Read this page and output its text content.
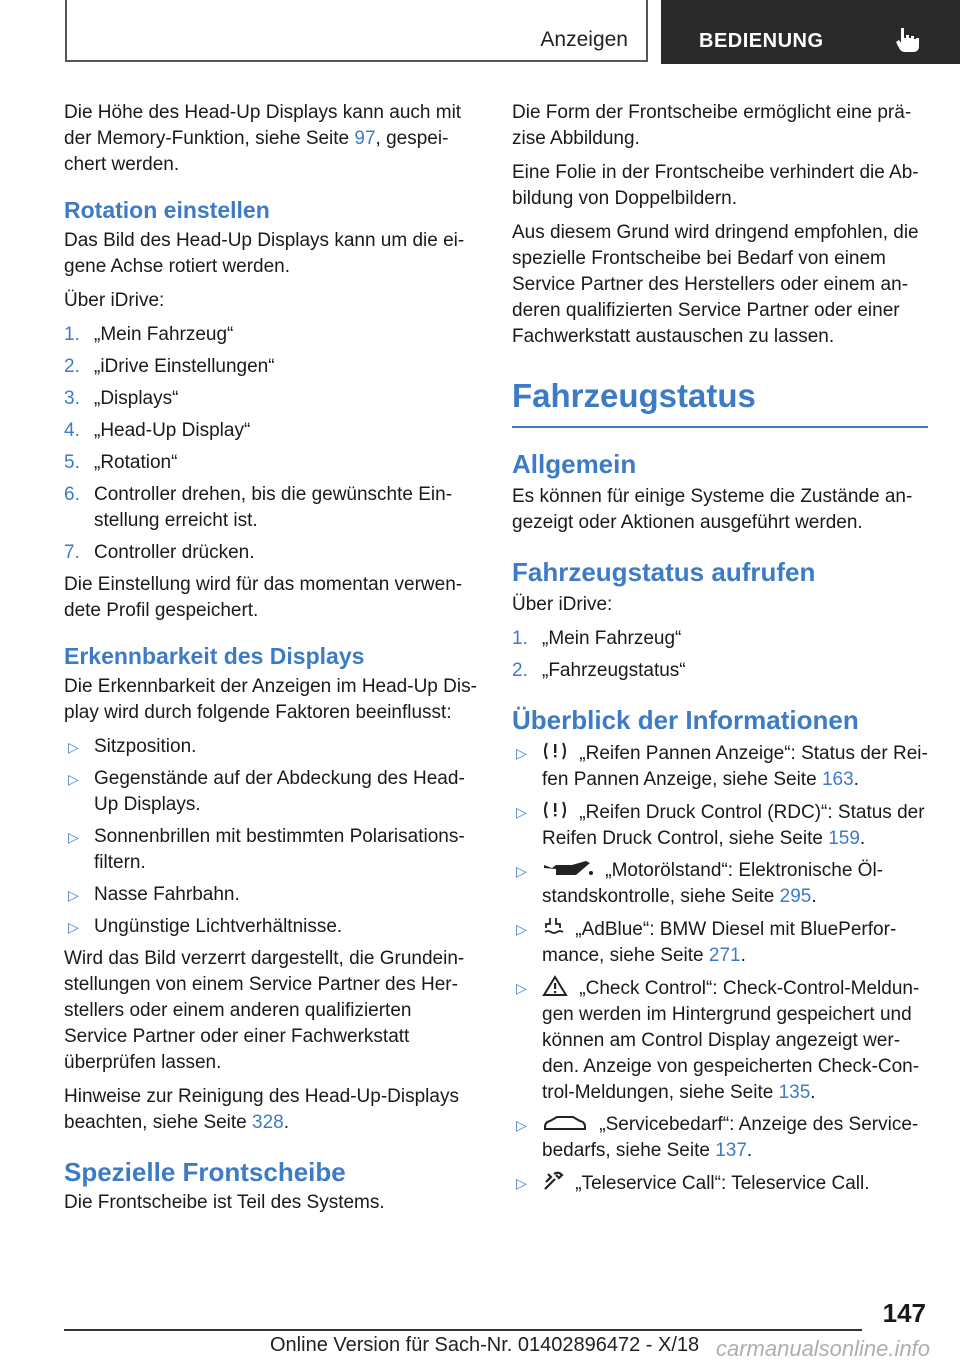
Anzeigen	BEDIENUNG

Die Höhe des Head-Up Displays kann auch mit der Memory-Funktion, siehe Seite 97, gespeichert werden.

Rotation einstellen

Das Bild des Head-Up Displays kann um die eigene Achse rotiert werden.

Über iDrive:

1. „Mein Fahrzeug“
2. „iDrive Einstellungen“
3. „Displays“
4. „Head-Up Display“
5. „Rotation“
6. Controller drehen, bis die gewünschte Einstellung erreicht ist.
7. Controller drücken.

Die Einstellung wird für das momentan verwendete Profil gespeichert.

Erkennbarkeit des Displays

Die Erkennbarkeit der Anzeigen im Head-Up Display wird durch folgende Faktoren beeinflusst:

▷ Sitzposition.
▷ Gegenstände auf der Abdeckung des Head-Up Displays.
▷ Sonnenbrillen mit bestimmten Polarisationsfiltern.
▷ Nasse Fahrbahn.
▷ Ungünstige Lichtverhältnisse.

Wird das Bild verzerrt dargestellt, die Grundeinstellungen von einem Service Partner des Herstellers oder einem anderen qualifizierten Service Partner oder einer Fachwerkstatt überprüfen lassen.

Hinweise zur Reinigung des Head-Up-Displays beachten, siehe Seite 328.

Spezielle Frontscheibe

Die Frontscheibe ist Teil des Systems.

Die Form der Frontscheibe ermöglicht eine präzise Abbildung.

Eine Folie in der Frontscheibe verhindert die Abbildung von Doppelbildern.

Aus diesem Grund wird dringend empfohlen, die spezielle Frontscheibe bei Bedarf von einem Service Partner des Herstellers oder einem anderen qualifizierten Service Partner oder einer Fachwerkstatt austauschen zu lassen.

Fahrzeugstatus
Allgemein

Es können für einige Systeme die Zustände angezeigt oder Aktionen ausgeführt werden.

Fahrzeugstatus aufrufen

Über iDrive:

1. „Mein Fahrzeug“
2. „Fahrzeugstatus“
Überblick der Informationen
▷	„Reifen Pannen Anzeige“: Status der Reifen Pannen Anzeige, siehe Seite 163.
▷	„Reifen Druck Control (RDC)“: Status der Reifen Druck Control, siehe Seite 159.
▷	„Motorölstand“: Elektronische Ölstandskontrolle, siehe Seite 295.
▷	„AdBlue“: BMW Diesel mit BluePerformance, siehe Seite 271.
▷	„Check Control“: Check-Control-Meldungen werden im Hintergrund gespeichert und können am Control Display angezeigt werden. Anzeige von gespeicherten Check-Control-Meldungen, siehe Seite 135.
▷	„Servicebedarf“: Anzeige des Servicebedarfs, siehe Seite 137.
▷	„Teleservice Call“: Teleservice Call.
147
Online Version für Sach-Nr. 01402896472 - X/18 carmanualsonline.info
